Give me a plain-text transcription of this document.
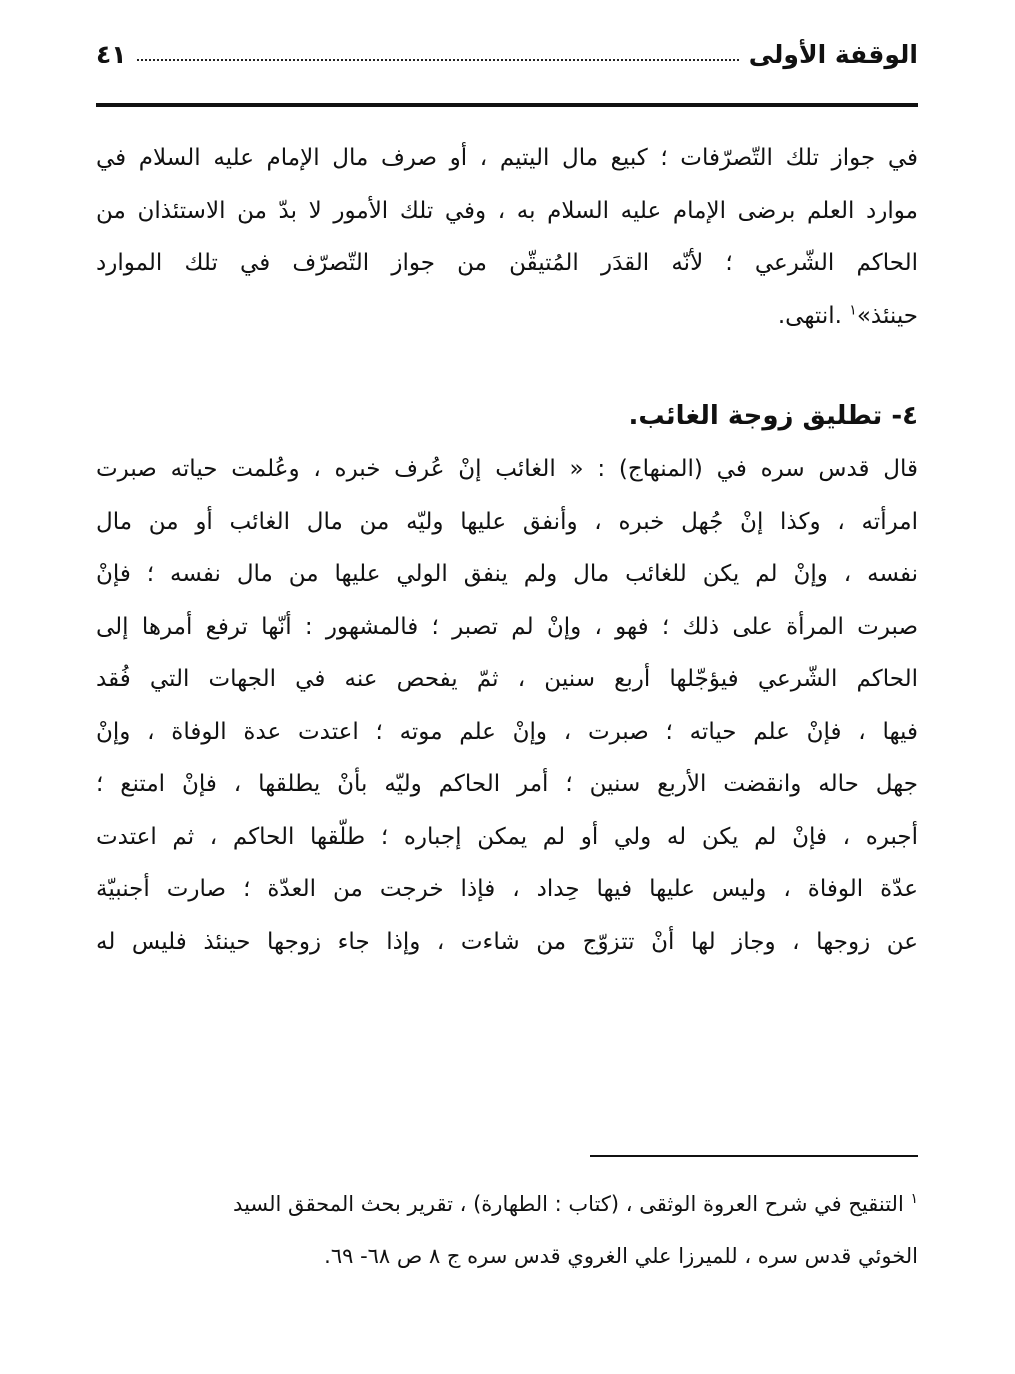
الوقفة الأولى
٤١
في جواز تلك التّصرّفات ؛ كبيع مال اليتيم ، أو صرف مال الإمام عليه السلام في
موارد العلم برضى الإمام عليه السلام به ، وفي تلك الأمور لا بدّ من الاستئذان من
الحاكم الشّرعي ؛ لأنّه القدَر المُتيقّن من جواز التّصرّف في تلك الموارد
حينئذ»$^١$ .انتهى.
٤- تطليق زوجة الغائب.
قال قدس سره في (المنهاج) : « الغائب إنْ عُرف خبره ، وعُلمت حياته صبرت
امرأته ، وكذا إنْ جُهل خبره ، وأنفق عليها وليّه من مال الغائب أو من مال
نفسه ، وإنْ لم يكن للغائب مال ولم ينفق الولي عليها من مال نفسه ؛ فإنْ
صبرت المرأة على ذلك ؛ فهو ، وإنْ لم تصبر ؛ فالمشهور : أنّها ترفع أمرها إلى
الحاكم الشّرعي فيؤجّلها أربع سنين ، ثمّ يفحص عنه في الجهات التي فُقد
فيها ، فإنْ علم حياته ؛ صبرت ، وإنْ علم موته ؛ اعتدت عدة الوفاة ، وإنْ
جهل حاله وانقضت الأربع سنين ؛ أمر الحاكم وليّه بأنْ يطلقها ، فإنْ امتنع ؛
أجبره ، فإنْ لم يكن له ولي أو لم يمكن إجباره ؛ طلّقها الحاكم ، ثم اعتدت
عدّة الوفاة ، وليس عليها فيها حِداد ، فإذا خرجت من العدّة ؛ صارت أجنبيّة
عن زوجها ، وجاز لها أنْ تتزوّج من شاءت ، وإذا جاء زوجها حينئذ فليس له
$^١$ التنقيح في شرح العروة الوثقى ، (كتاب : الطهارة) ، تقرير بحث المحقق السيد
الخوئي قدس سره ، للميرزا علي الغروي قدس سره ج ٨ ص ٦٨- ٦٩.
